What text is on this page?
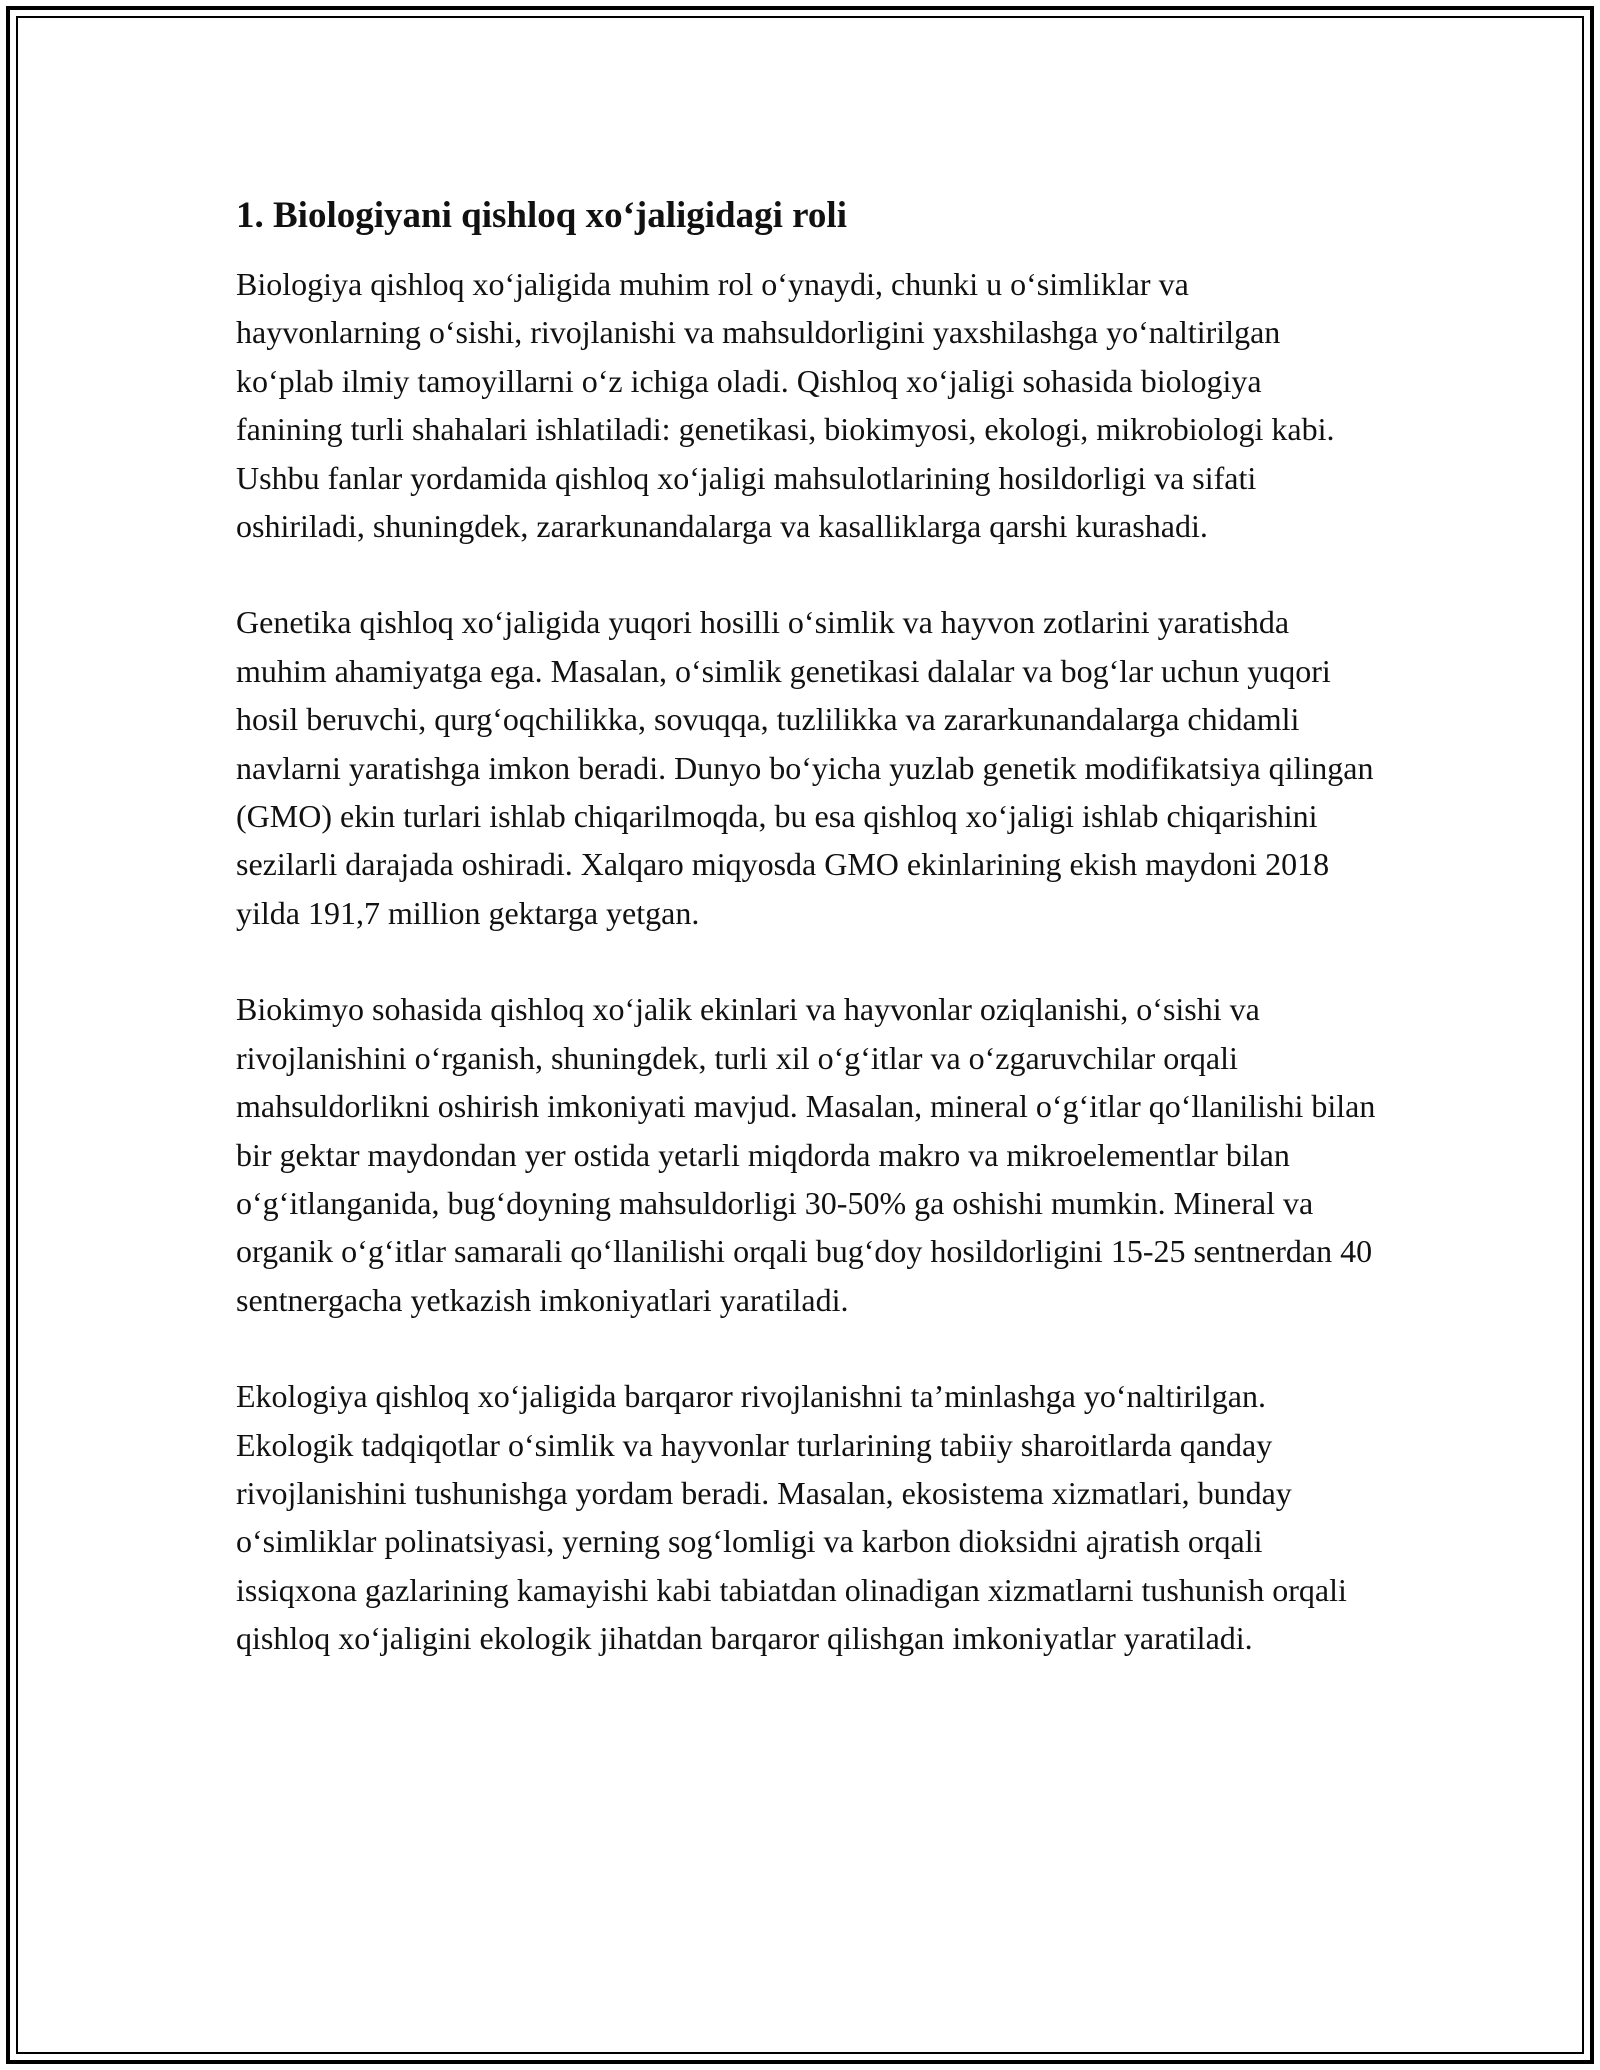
1. Biologiyani qishloq xo‘jaligidagi roli

Biologiya qishloq xo‘jaligida muhim rol o‘ynaydi, chunki u o‘simliklar va hayvonlarning o‘sishi, rivojlanishi va mahsuldorligini yaxshilashga yo‘naltirilgan ko‘plab ilmiy tamoyillarni o‘z ichiga oladi. Qishloq xo‘jaligi sohasida biologiya fanining turli shahalari ishlatiladi: genetikasi, biokimyosi, ekologi, mikrobiologi kabi. Ushbu fanlar yordamida qishloq xo‘jaligi mahsulotlarining hosildorligi va sifati oshiriladi, shuningdek, zararkunandalarga va kasalliklarga qarshi kurashadi.

Genetika qishloq xo‘jaligida yuqori hosilli o‘simlik va hayvon zotlarini yaratishda muhim ahamiyatga ega. Masalan, o‘simlik genetikasi dalalar va bog‘lar uchun yuqori hosil beruvchi, qurg‘oqchilikka, sovuqqa, tuzlilikka va zararkunandalarga chidamli navlarni yaratishga imkon beradi. Dunyo bo‘yicha yuzlab genetik modifikatsiya qilingan (GMO) ekin turlari ishlab chiqarilmoqda, bu esa qishloq xo‘jaligi ishlab chiqarishini sezilarli darajada oshiradi. Xalqaro miqyosda GMO ekinlarining ekish maydoni 2018 yilda 191,7 million gektarga yetgan.

Biokimyo sohasida qishloq xo‘jalik ekinlari va hayvonlar oziqlanishi, o‘sishi va rivojlanishini o‘rganish, shuningdek, turli xil o‘g‘itlar va o‘zgaruvchilar orqali mahsuldorlikni oshirish imkoniyati mavjud. Masalan, mineral o‘g‘itlar qo‘llanilishi bilan bir gektar maydondan yer ostida yetarli miqdorda makro va mikroelementlar bilan o‘g‘itlanganida, bug‘doyning mahsuldorligi 30-50% ga oshishi mumkin. Mineral va organik o‘g‘itlar samarali qo‘llanilishi orqali bug‘doy hosildorligini 15-25 sentnerdan 40 sentnergacha yetkazish imkoniyatlari yaratiladi.

Ekologiya qishloq xo‘jaligida barqaror rivojlanishni ta’minlashga yo‘naltirilgan. Ekologik tadqiqotlar o‘simlik va hayvonlar turlarining tabiiy sharoitlarda qanday rivojlanishini tushunishga yordam beradi. Masalan, ekosistema xizmatlari, bunday o‘simliklar polinatsiyasi, yerning sog‘lomligi va karbon dioksidni ajratish orqali issiqxona gazlarining kamayishi kabi tabiatdan olinadigan xizmatlarni tushunish orqali qishloq xo‘jaligini ekologik jihatdan barqaror qilishgan imkoniyatlar yaratiladi.
